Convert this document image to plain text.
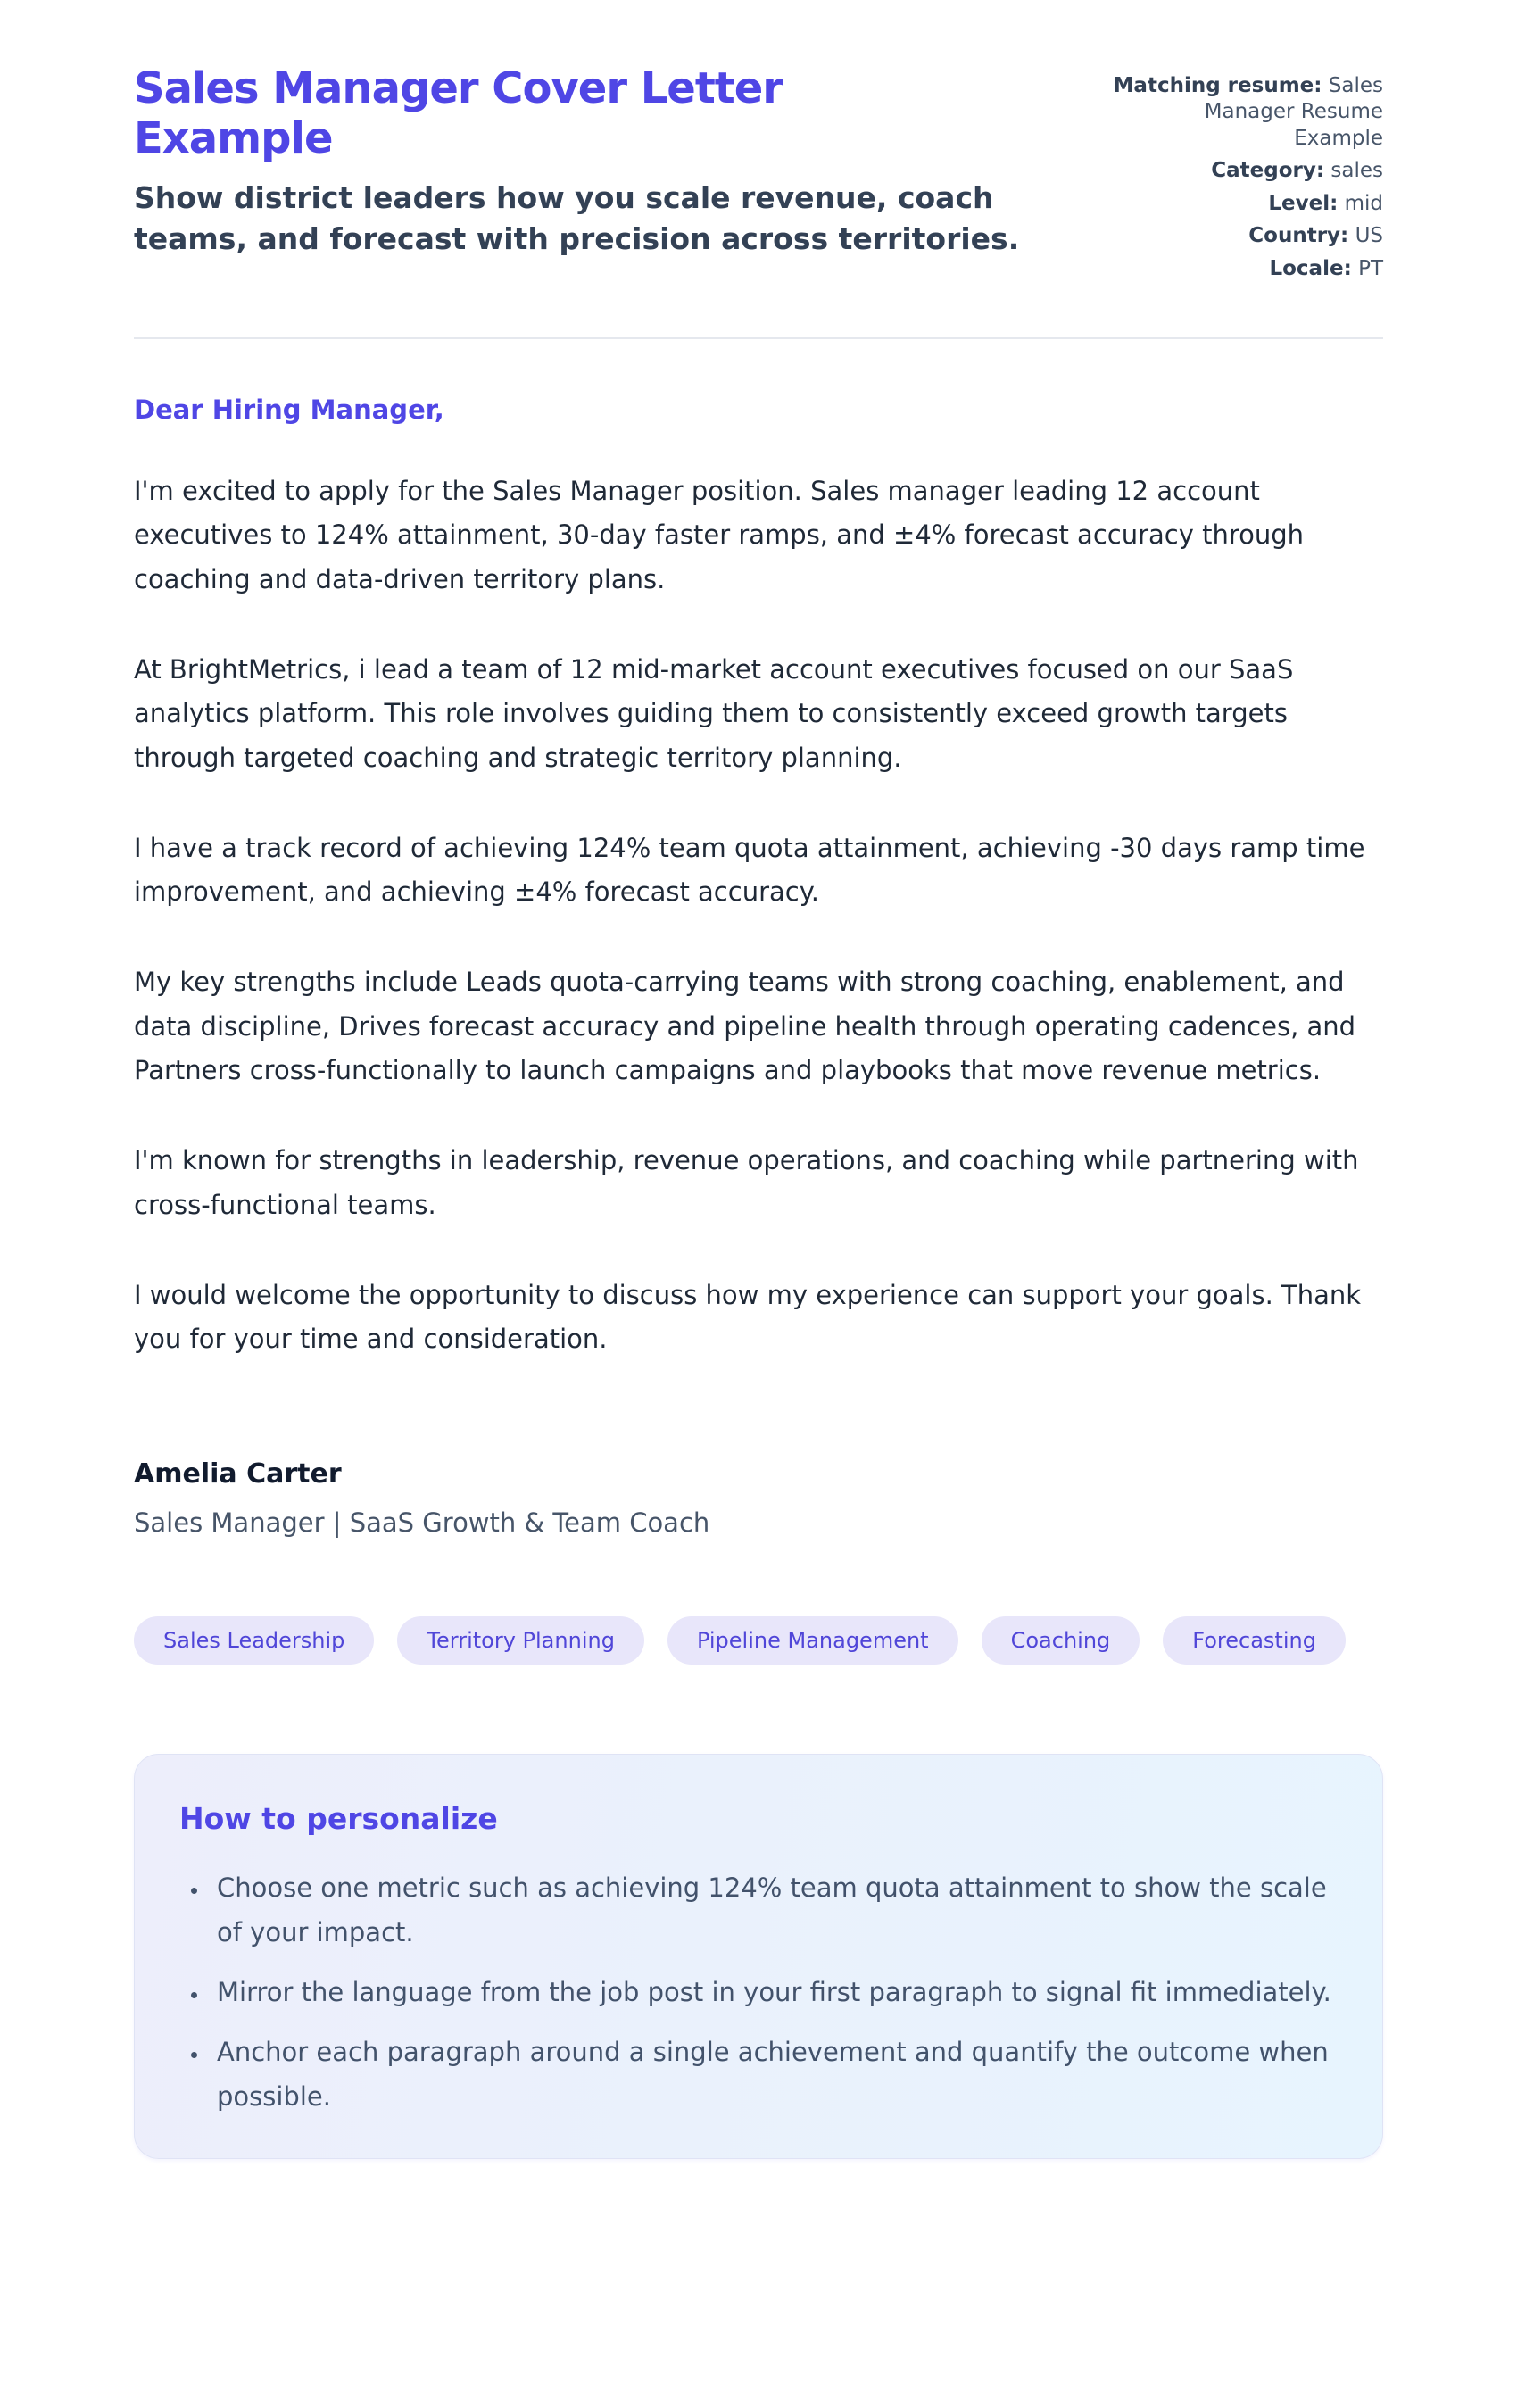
Sales Manager Cover Letter Example

Show district leaders how you scale revenue, coach teams, and forecast with precision across territories.

Matching resume: Sales Manager Resume Example
Category: sales
Level: mid
Country: US
Locale: PT

Dear Hiring Manager,

I'm excited to apply for the Sales Manager position. Sales manager leading 12 account executives to 124% attainment, 30-day faster ramps, and ±4% forecast accuracy through coaching and data-driven territory plans.

At BrightMetrics, i lead a team of 12 mid-market account executives focused on our SaaS analytics platform. This role involves guiding them to consistently exceed growth targets through targeted coaching and strategic territory planning.

I have a track record of achieving 124% team quota attainment, achieving -30 days ramp time improvement, and achieving ±4% forecast accuracy.

My key strengths include Leads quota-carrying teams with strong coaching, enablement, and data discipline, Drives forecast accuracy and pipeline health through operating cadences, and Partners cross-functionally to launch campaigns and playbooks that move revenue metrics.

I'm known for strengths in leadership, revenue operations, and coaching while partnering with cross-functional teams.

I would welcome the opportunity to discuss how my experience can support your goals. Thank you for your time and consideration.

Amelia Carter

Sales Manager | SaaS Growth & Team Coach

Sales Leadership	Territory Planning	Pipeline Management	Coaching	Forecasting
How to personalize
• Choose one metric such as achieving 124% team quota attainment to show the scale of your impact.
• Mirror the language from the job post in your first paragraph to signal fit immediately.
• Anchor each paragraph around a single achievement and quantify the outcome when possible.
